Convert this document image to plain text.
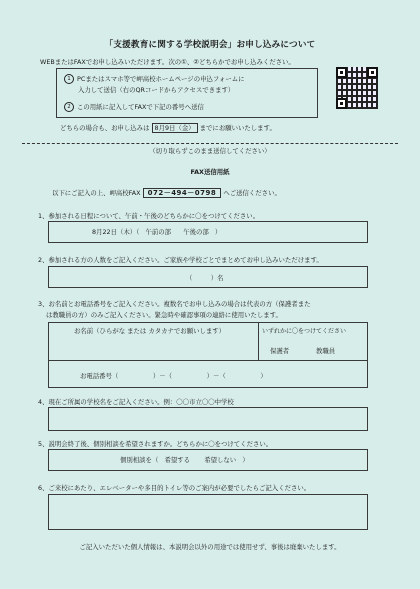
「支援教育に関する学校説明会」お申し込みについて
WEBまたはFAXでお申し込みいただけます。次の①、②どちらかでお申し込みください。
1 PCまたはスマホ等で岬高校ホームページの申込フォームに
入力して送信（右のQRコードからアクセスできます）
2 この用紙に記入してFAXで下記の番号へ送信
どちらの場合も、お申し込みは 8月9日（金） までにお願いいたします。
（切り取らずこのまま送信してください）
FAX送信用紙
以下にご記入の上、岬高校FAX 072－494－0798 へご送信ください。
1、参加される日程について、午前・午後のどちらかに〇をつけてください。
8月22日（木）（ 午前の部 午後の部 ）
2、参加される方の人数をご記入ください。ご家族や学校ごとでまとめてお申し込みいただけます。
（	）名
3、お名前とお電話番号をご記入ください。複数名でお申し込みの場合は代表の方（保護者また
は教職員の方）のみご記入ください。緊急時や確認事項の連絡に使用いたします。
お名前（ひらがな または カタカナでお願いします）	いずれかに〇をつけてください
保護者	教職員
お電話番号（	）－（	）－（	）
4、現在ご所属の学校名をご記入ください。例：〇〇市立〇〇中学校
5、説明会終了後、個別相談を希望されますか。どちらかに〇をつけてください。
個別相談を（ 希望する 希望しない ）
6、ご来校にあたり、エレベーターや多目的トイレ等のご案内が必要でしたらご記入ください。
ご記入いただいた個人情報は、本説明会以外の用途では使用せず、事後は廃棄いたします。
